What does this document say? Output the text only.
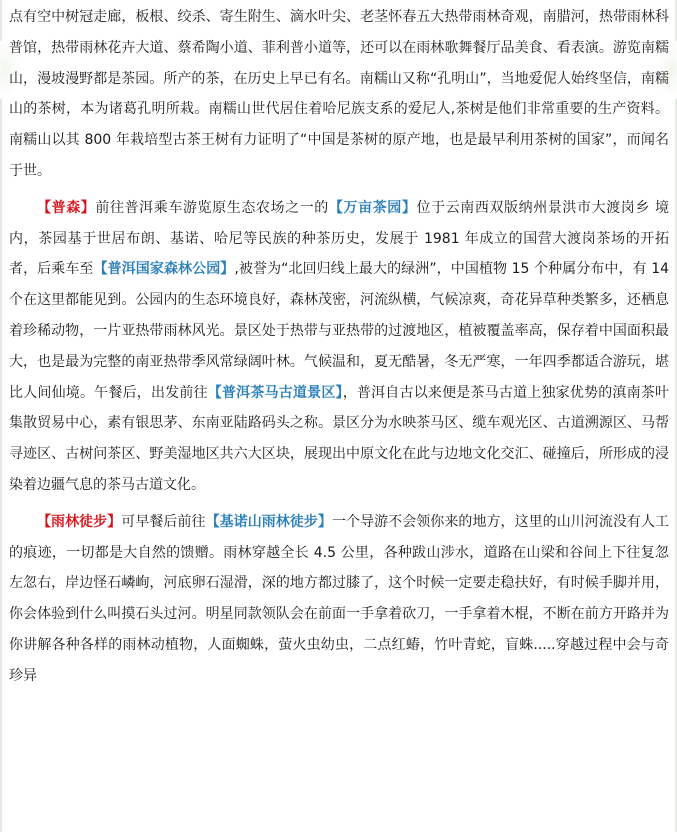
点有空中树冠走廊，板根、绞杀、寄生附生、滴水叶尖、老茎怀春五大热带雨林奇观，南腊河，热带雨林科普馆，热带雨林花卉大道、蔡希陶小道、菲利普小道等，还可以在雨林歌舞餐厅品美食、看表演。游览南糯山，漫坡漫野都是茶园。所产的茶，在历史上早已有名。南糯山又称“孔明山”，当地爱伲人始终坚信，南糯山的茶树，本为诸葛孔明所栽。南糯山世代居住着哈尼族支系的爱尼人,茶树是他们非常重要的生产资料。南糯山以其 800 年栽培型古茶王树有力证明了“中国是茶树的原产地，也是最早利用茶树的国家”，而闻名于世。

【普森】前往普洱乘车游览原生态农场之一的【万亩茶园】位于云南西双版纳州景洪市大渡岗乡 境内，茶园基于世居布朗、基诺、哈尼等民族的种茶历史，发展于 1981 年成立的国营大渡岗茶场的开拓者，后乘车至【普洱国家森林公园】,被誉为“北回归线上最大的绿洲”，中国植物 15 个种属分布中，有 14 个在这里都能见到。公园内的生态环境良好，森林茂密，河流纵横，气候凉爽，奇花异草种类繁多，还栖息着珍稀动物，一片亚热带雨林风光。景区处于热带与亚热带的过渡地区，植被覆盖率高，保存着中国面积最大，也是最为完整的南亚热带季风常绿阔叶林。气候温和，夏无酷暑，冬无严寒，一年四季都适合游玩，堪比人间仙境。午餐后，出发前往【普洱茶马古道景区】，普洱自古以来便是茶马古道上独家优势的滇南茶叶集散贸易中心，素有银思茅、东南亚陆路码头之称。景区分为水映茶马区、缆车观光区、古道溯源区、马帮寻迹区、古树问茶区、野美湿地区共六大区块，展现出中原文化在此与边地文化交汇、碰撞后，所形成的浸染着边疆气息的茶马古道文化。

【雨林徒步】可早餐后前往【基诺山雨林徒步】一个导游不会领你来的地方，这里的山川河流没有人工的痕迹，一切都是大自然的馈赠。雨林穿越全长 4.5 公里，各种跋山涉水，道路在山梁和谷间上下往复忽左忽右，岸边怪石嶙峋，河底卵石湿滑，深的地方都过膝了，这个时候一定要走稳扶好，有时候手脚并用，你会体验到什么叫摸石头过河。明星同款领队会在前面一手拿着砍刀，一手拿着木棍，不断在前方开路并为你讲解各种各样的雨林动植物，人面蜘蛛，萤火虫幼虫，二点红蝽，竹叶青蛇，盲蛛.....穿越过程中会与奇珍异
